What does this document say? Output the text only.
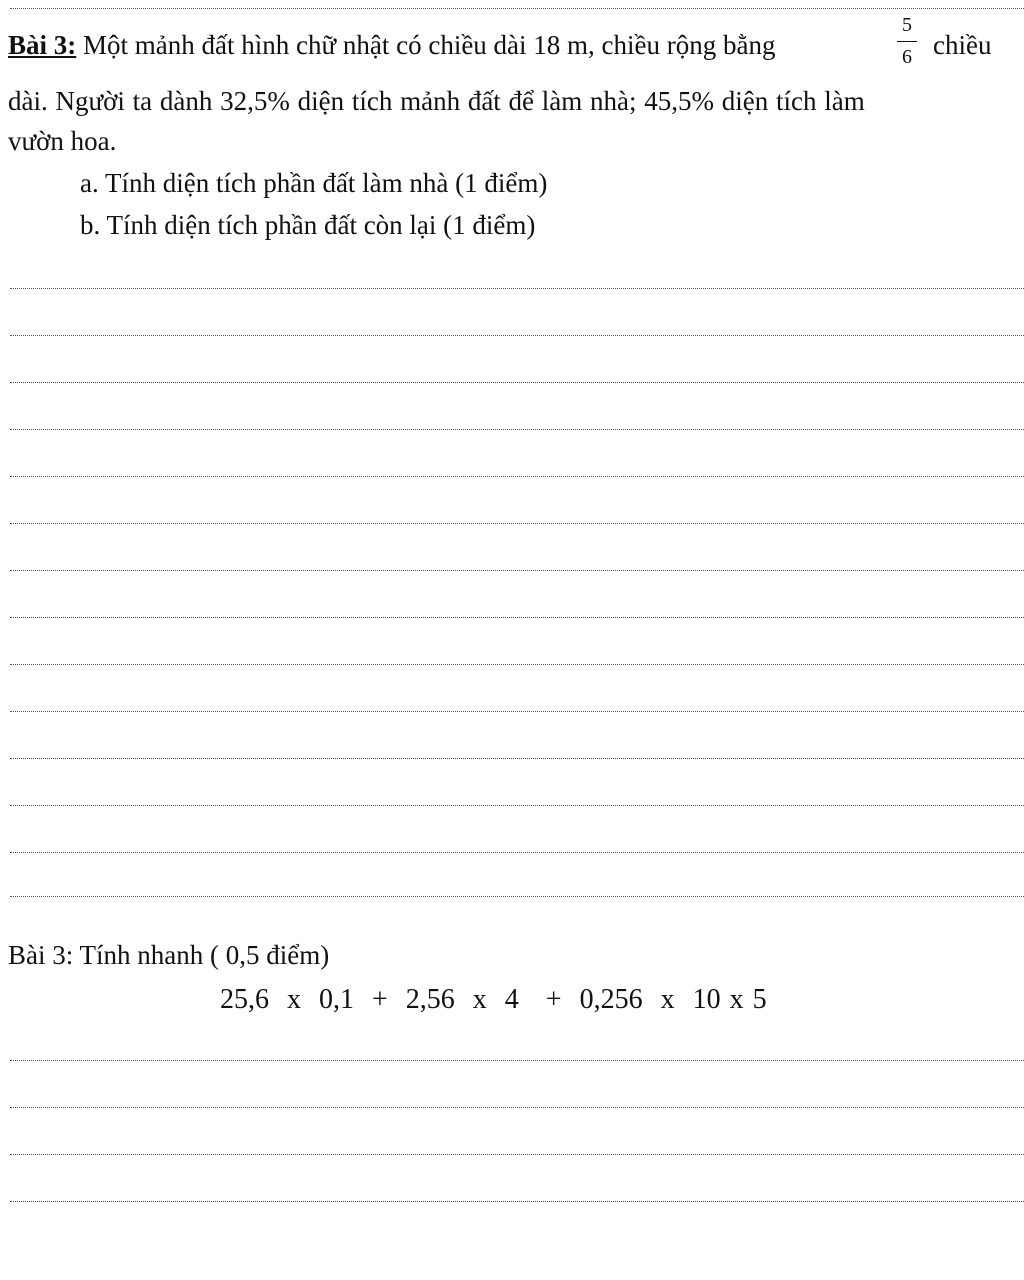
Bài 3: Một mảnh đất hình chữ nhật có chiều dài 18 m, chiều rộng bằng
5
6 chiều
dài. Người ta dành 32,5% diện tích mảnh đất để làm nhà; 45,5% diện tích làm
vườn hoa.
a. Tính diện tích phần đất làm nhà (1 điểm)
b. Tính diện tích phần đất còn lại (1 điểm)
Bài 3: Tính nhanh ( 0,5 điểm)
25,6  x  0,1  +  2,56  x  4   +  0,256  x  10 x 5
